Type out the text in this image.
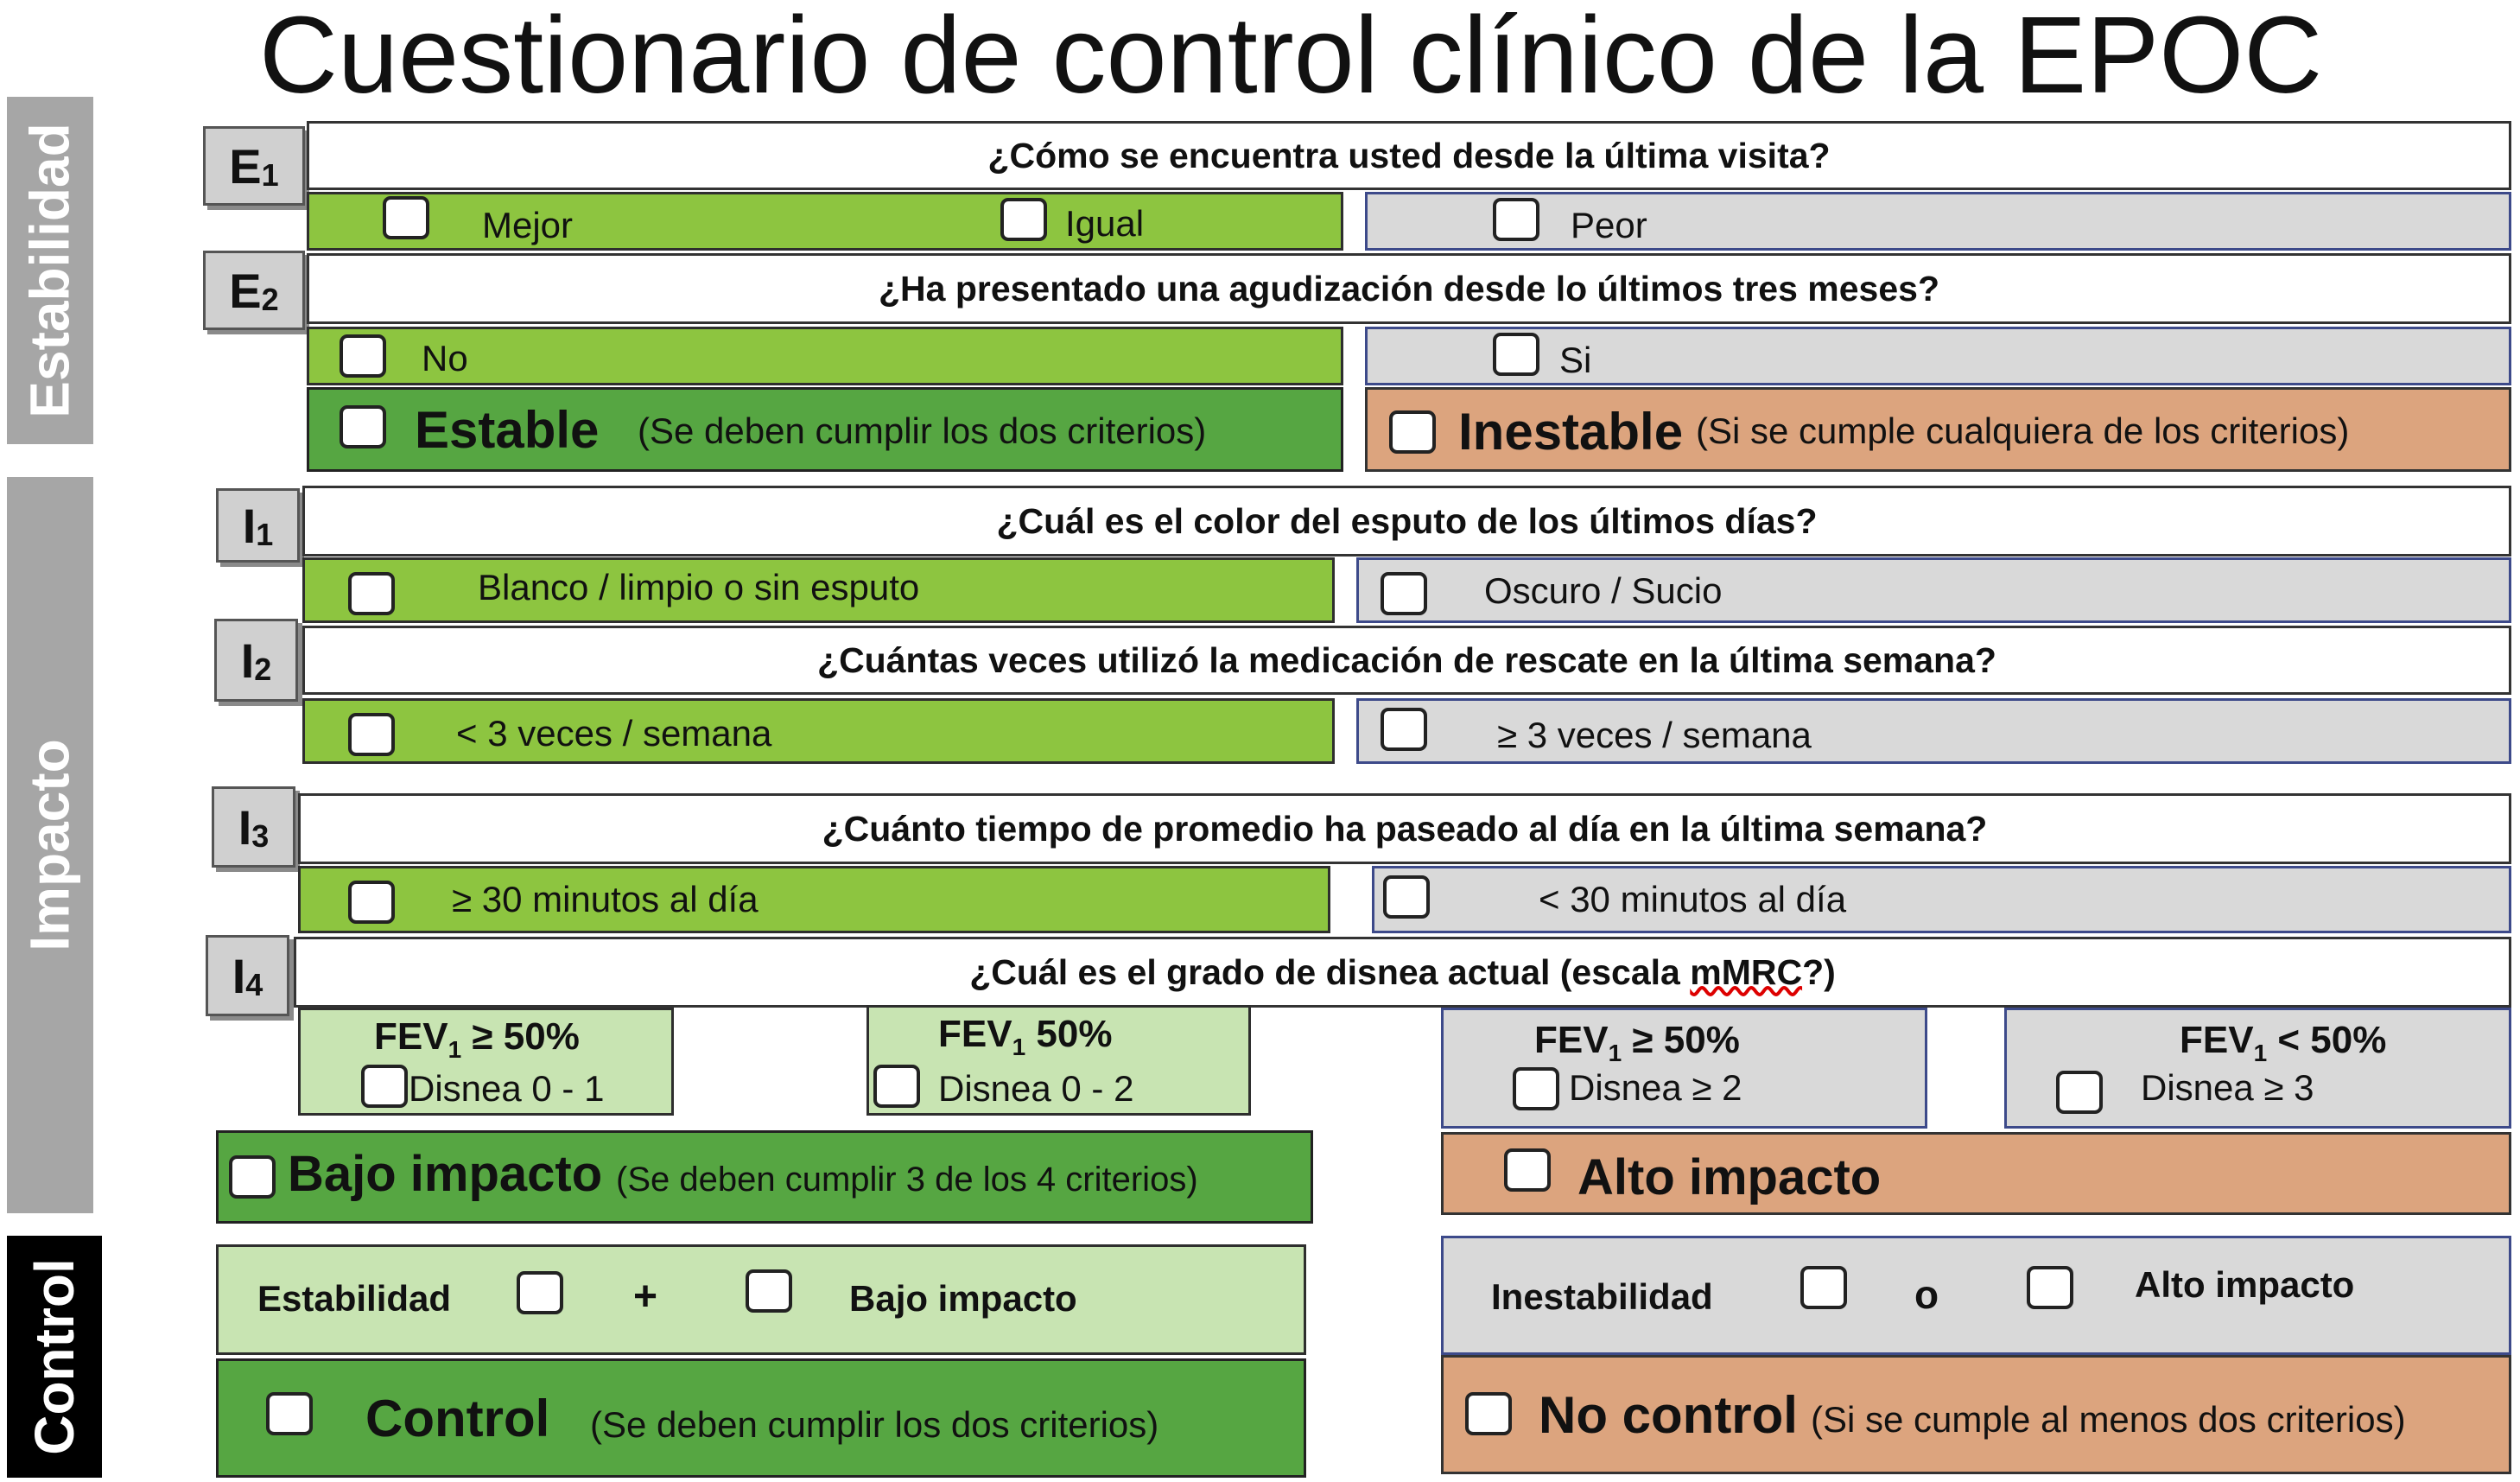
Cuestionario de control clínico de la EPOC
Estabilidad
Impacto
Control
E 1	¿Cómo se encuentra usted desde la última visita?
Mejor	Igual	Peor
E 2	¿Ha presentado una agudización desde lo últimos tres meses?
No	Si
Estable (Se deben cumplir los dos criterios)	Inestable (Si se cumple cualquiera de los criterios)
I 1	¿Cuál es el color del esputo de los últimos días?
Blanco / limpio o sin esputo	Oscuro / Sucio
I 2	¿Cuántas veces utilizó la medicación de rescate en la última semana?
< 3 veces / semana	≥ 3 veces / semana
I 3	¿Cuánto tiempo de promedio ha paseado al día en la última semana?
≥ 30 minutos al día	< 30 minutos al día
I 4	¿Cuál es el grado de disnea actual (escala mMRC ?)
$FEV_1 \ge 50\%$
Disnea 0 - 1
$FEV_1$ 50%
Disnea 0 - 2
$FEV_1 \ge 50\%$
Disnea ≥ 2
$FEV_1 < 50\%$
Disnea ≥ 3
Bajo impacto (Se deben cumplir 3 de los 4 criterios)	Alto impacto
Estabilidad	+	Bajo impacto	Inestabilidad	o	Alto impacto
Control (Se deben cumplir los dos criterios)	No control (Si se cumple al menos dos criterios)
